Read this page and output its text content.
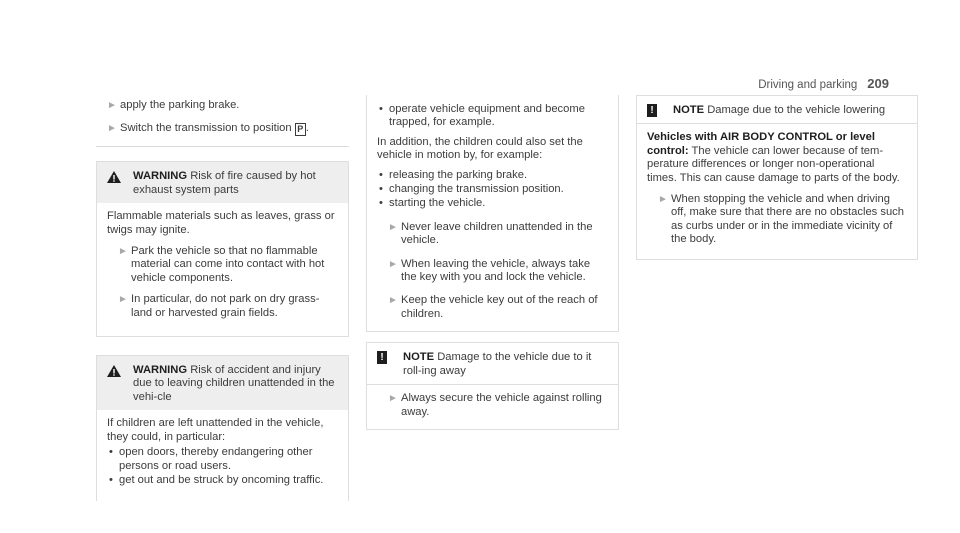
Driving and parking 209
► apply the parking brake.
► Switch the transmission to position P .
WARNING Risk of fire caused by hot exhaust system parts
Flammable materials such as leaves, grass or twigs may ignite.
► Park the vehicle so that no flammable material can come into contact with hot vehicle components.
► In particular, do not park on dry grass-land or harvested grain fields.
WARNING Risk of accident and injury due to leaving children unattended in the vehi-cle
If children are left unattended in the vehicle, they could, in particular:
• open doors, thereby endangering other persons or road users.
• get out and be struck by oncoming traffic.
• operate vehicle equipment and become trapped, for example.
In addition, the children could also set the vehicle in motion by, for example:
• releasing the parking brake.
• changing the transmission position.
• starting the vehicle.
► Never leave children unattended in the vehicle.
► When leaving the vehicle, always take the key with you and lock the vehicle.
► Keep the vehicle key out of the reach of children.
!	NOTE Damage to the vehicle due to it roll-ing away
► Always secure the vehicle against rolling away.
!	NOTE Damage due to the vehicle lowering
Vehicles with AIR BODY CONTROL or level control: The vehicle can lower because of tem-perature differences or longer non-operational times. This can cause damage to parts of the body.
► When stopping the vehicle and when driving off, make sure that there are no obstacles such as curbs under or in the immediate vicinity of the body.
